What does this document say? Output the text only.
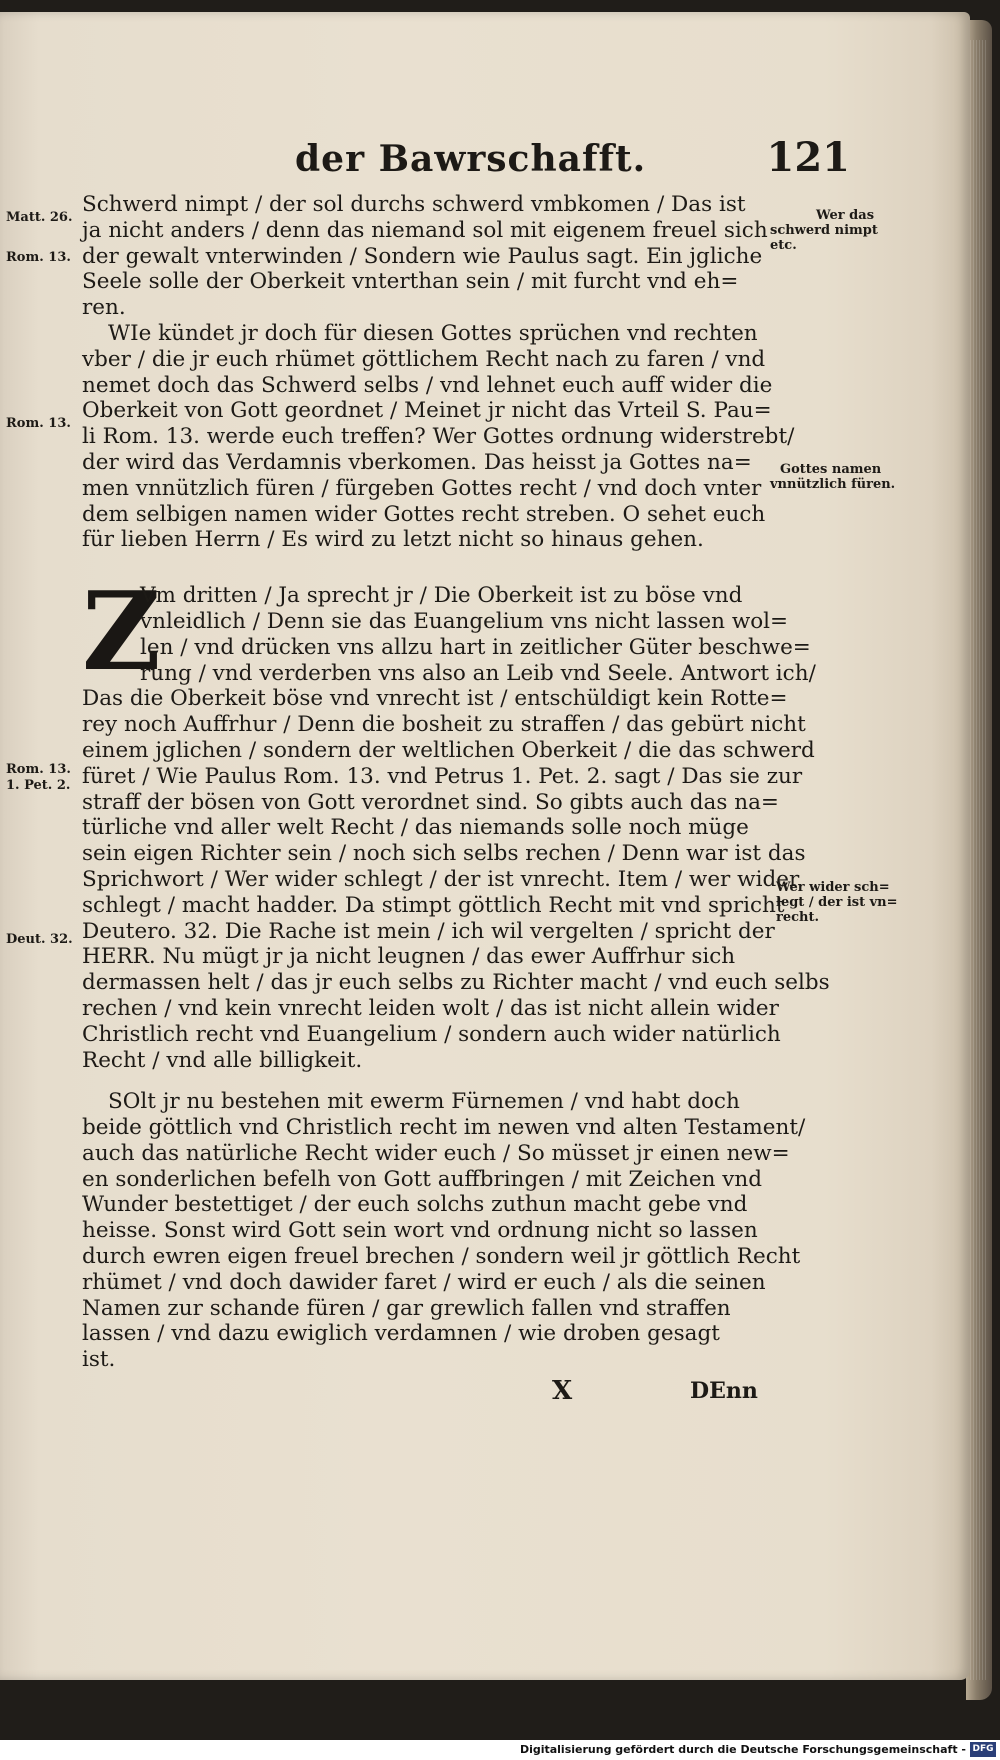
der Bawrschafft.	121
Schwerd nimpt / der sol durchs schwerd vmbkomen / Das ist
ja nicht anders / denn das niemand sol mit eigenem freuel sich
der gewalt vnterwinden / Sondern wie Paulus sagt. Ein jgliche
Seele solle der Oberkeit vnterthan sein / mit furcht vnd eh=
ren.
WIe kündet jr doch für diesen Gottes sprüchen vnd rechten
vber / die jr euch rhümet göttlichem Recht nach zu faren / vnd
nemet doch das Schwerd selbs / vnd lehnet euch auff wider die
Oberkeit von Gott geordnet / Meinet jr nicht das Vrteil S. Pau=
li Rom. 13. werde euch treffen? Wer Gottes ordnung widerstrebt/
der wird das Verdamnis vberkomen. Das heisst ja Gottes na=
men vnnützlich füren / fürgeben Gottes recht / vnd doch vnter
dem selbigen namen wider Gottes recht streben. O sehet euch
für lieben Herrn / Es wird zu letzt nicht so hinaus gehen.
Z
Vm dritten / Ja sprecht jr / Die Oberkeit ist zu böse vnd
vnleidlich / Denn sie das Euangelium vns nicht lassen wol=
len / vnd drücken vns allzu hart in zeitlicher Güter beschwe=
rung / vnd verderben vns also an Leib vnd Seele. Antwort ich/
Das die Oberkeit böse vnd vnrecht ist / entschüldigt kein Rotte=
rey noch Auffrhur / Denn die bosheit zu straffen / das gebürt nicht
einem jglichen / sondern der weltlichen Oberkeit / die das schwerd
füret / Wie Paulus Rom. 13. vnd Petrus 1. Pet. 2. sagt / Das sie zur
straff der bösen von Gott verordnet sind. So gibts auch das na=
türliche vnd aller welt Recht / das niemands solle noch müge
sein eigen Richter sein / noch sich selbs rechen / Denn war ist das
Sprichwort / Wer wider schlegt / der ist vnrecht. Item / wer wider
schlegt / macht hadder. Da stimpt göttlich Recht mit vnd spricht
Deutero. 32. Die Rache ist mein / ich wil vergelten / spricht der
HERR. Nu mügt jr ja nicht leugnen / das ewer Auffrhur sich
dermassen helt / das jr euch selbs zu Richter macht / vnd euch selbs
rechen / vnd kein vnrecht leiden wolt / das ist nicht allein wider
Christlich recht vnd Euangelium / sondern auch wider natürlich
Recht / vnd alle billigkeit.
SOlt jr nu bestehen mit ewerm Fürnemen / vnd habt doch
beide göttlich vnd Christlich recht im newen vnd alten Testament/
auch das natürliche Recht wider euch / So müsset jr einen new=
en sonderlichen befelh von Gott auffbringen / mit Zeichen vnd
Wunder bestettiget / der euch solchs zuthun macht gebe vnd
heisse. Sonst wird Gott sein wort vnd ordnung nicht so lassen
durch ewren eigen freuel brechen / sondern weil jr göttlich Recht
rhümet / vnd doch dawider faret / wird er euch / als die seinen
Namen zur schande füren / gar grewlich fallen vnd straffen
lassen / vnd dazu ewiglich verdamnen / wie droben gesagt
ist.
Matt. 26.
Rom. 13.
Rom. 13.
Rom. 13.
1. Pet. 2.
Deut. 32.
Wer das
schwerd nimpt
etc.
Gottes namen
vnnützlich füren.
Wer wider sch=
legt / der ist vn=
recht.
X	DEnn
Digitalisierung gefördert durch die Deutsche Forschungsgemeinschaft - DFG
